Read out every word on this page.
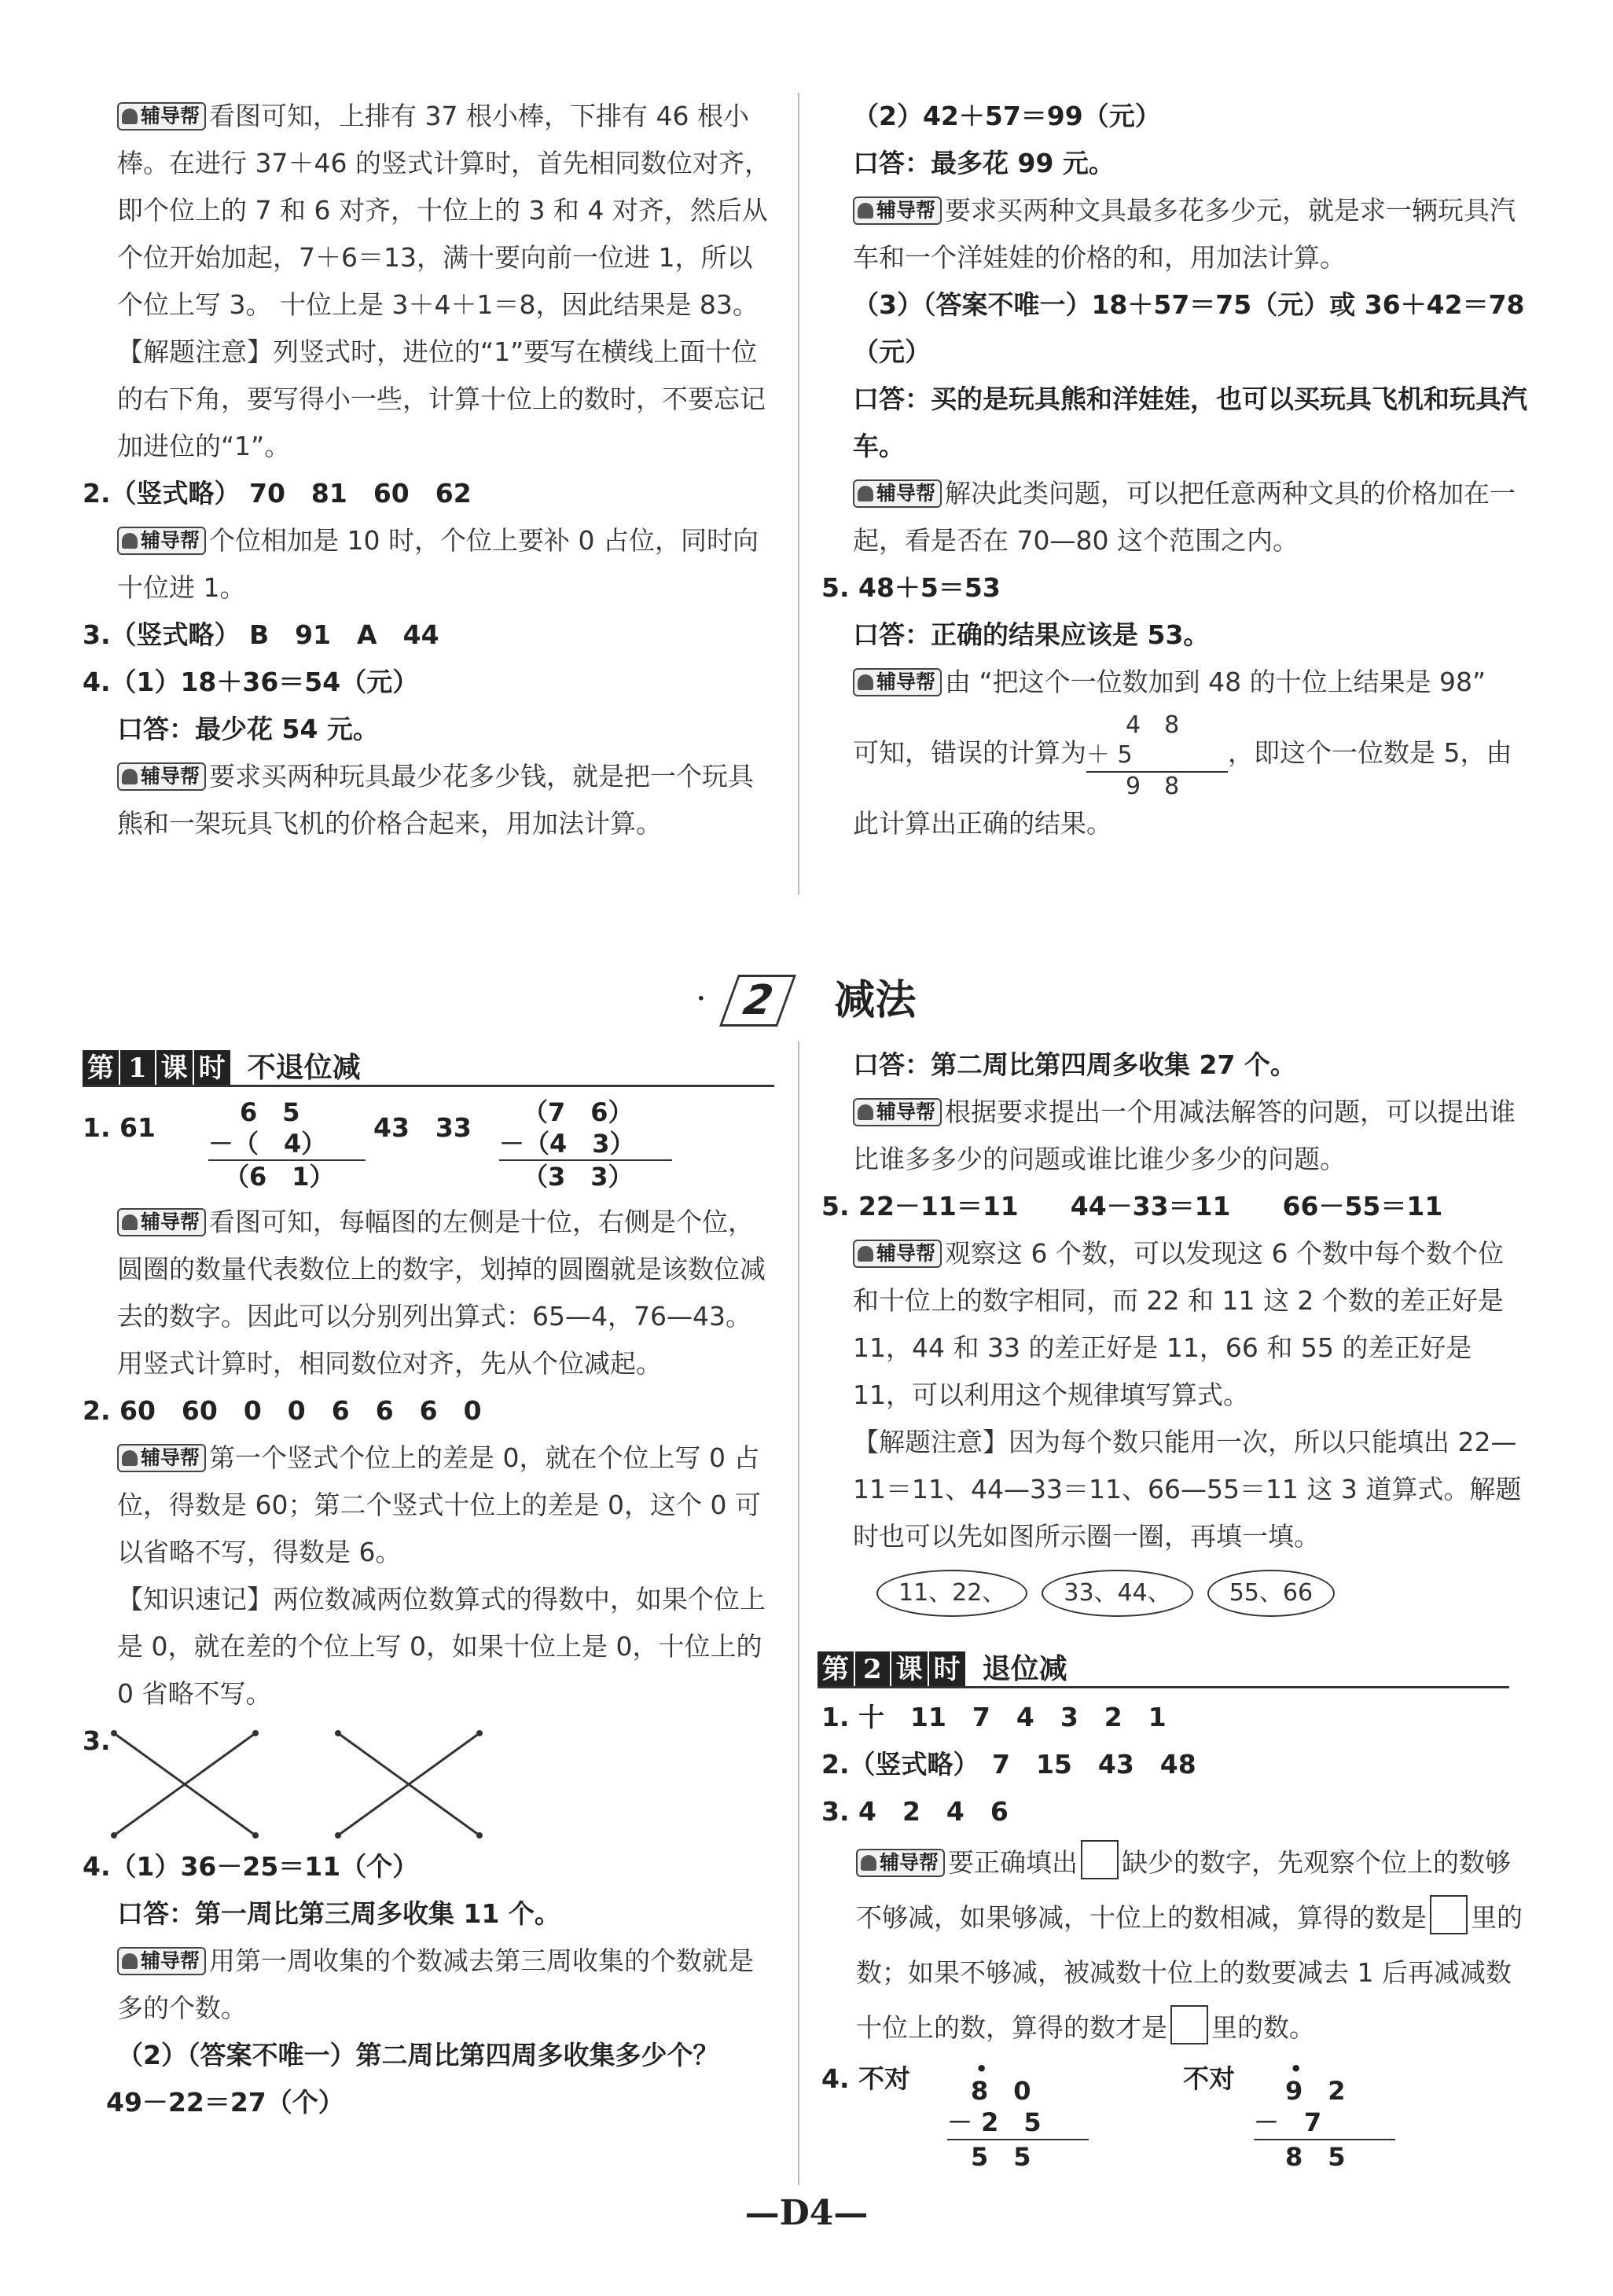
辅导帮 看图可知，上排有 37 根小棒，下排有 46 根小棒。在进行 37＋46 的竖式计算时，首先相同数位对齐，即个位上的 7 和 6 对齐，十位上的 3 和 4 对齐，然后从个位开始加起，7＋6＝13，满十要向前一位进 1，所以个位上写 3。 十位上是 3＋4＋1＝8，因此结果是 83。

【解题注意】列竖式时，进位的“1”要写在横线上面十位的右下角，要写得小一些，计算十位上的数时，不要忘记加进位的“1”。

2.（竖式略） 70　81　60　62

辅导帮 个位相加是 10 时，个位上要补 0 占位，同时向十位进 1。

3.（竖式略） B　91　A　44

4.（1）18＋36＝54（元）

口答：最少花 54 元。

辅导帮 要求买两种玩具最少花多少钱，就是把一个玩具熊和一架玩具飞机的价格合起来，用加法计算。

（2）42＋57＝99（元）

口答：最多花 99 元。

辅导帮 要求买两种文具最多花多少元，就是求一辆玩具汽车和一个洋娃娃的价格的和，用加法计算。

（3）（答案不唯一）18＋57＝75（元）或 36＋42＝78（元）

口答：买的是玩具熊和洋娃娃，也可以买玩具飞机和玩具汽车。

辅导帮 解决此类问题，可以把任意两种文具的价格加在一起，看是否在 70—80 这个范围之内。

5. 48＋5＝53

口答：正确的结果应该是 53。

辅导帮 由 “把这个一位数加到 48 的十位上结果是 98”

可知，错误的计算为
4　8
＋ 5
9　8
，即这个一位数是 5，由

此计算出正确的结果。

· 2 减法
第 1 课 时 不退位减
1. 61	6　5
－（　4）
（6　1）
43　33 （7　6）
－（4　3）
（3　3）

辅导帮 看图可知，每幅图的左侧是十位，右侧是个位，圆圈的数量代表数位上的数字，划掉的圆圈就是该数位减去的数字。因此可以分别列出算式：65—4，76—43。用竖式计算时，相同数位对齐，先从个位减起。

2. 60　60　0　0　6　6　6　0

辅导帮 第一个竖式个位上的差是 0，就在个位上写 0 占位，得数是 60；第二个竖式十位上的差是 0，这个 0 可以省略不写，得数是 6。

【知识速记】两位数减两位数算式的得数中，如果个位上是 0，就在差的个位上写 0，如果十位上是 0，十位上的 0 省略不写。

3.

4.（1）36－25＝11（个）

口答：第一周比第三周多收集 11 个。

辅导帮 用第一周收集的个数减去第三周收集的个数就是多的个数。

（2）（答案不唯一）第二周比第四周多收集多少个？

49－22＝27（个）

口答：第二周比第四周多收集 27 个。

辅导帮 根据要求提出一个用减法解答的问题，可以提出谁比谁多多少的问题或谁比谁少多少的问题。

5. 22－11＝11　　44－33＝11　　66－55＝11

辅导帮 观察这 6 个数，可以发现这 6 个数中每个数个位和十位上的数字相同，而 22 和 11 这 2 个数的差正好是 11，44 和 33 的差正好是 11，66 和 55 的差正好是 11，可以利用这个规律填写算式。

【解题注意】因为每个数只能用一次，所以只能填出 22—11＝11、44—33＝11、66—55＝11 这 3 道算式。解题时也可以先如图所示圈一圈，再填一填。

11、22、 33、44、 55、66
第 2 课 时 退位减

1. 十　11　7　4　3　2　1

2.（竖式略）　7　15　43　48

3. 4　2　4　6

辅导帮 要正确填出 缺少的数字，先观察个位上的数够不够减，如果够减，十位上的数相减，算得的数是 里的数；如果不够减，被减数十位上的数要减去 1 后再减减数十位上的数，算得的数才是 里的数。

4. 不对	•
8　0
－ 2　5
5　5
不对	•
9　2
－　7
8　5
—D4—
